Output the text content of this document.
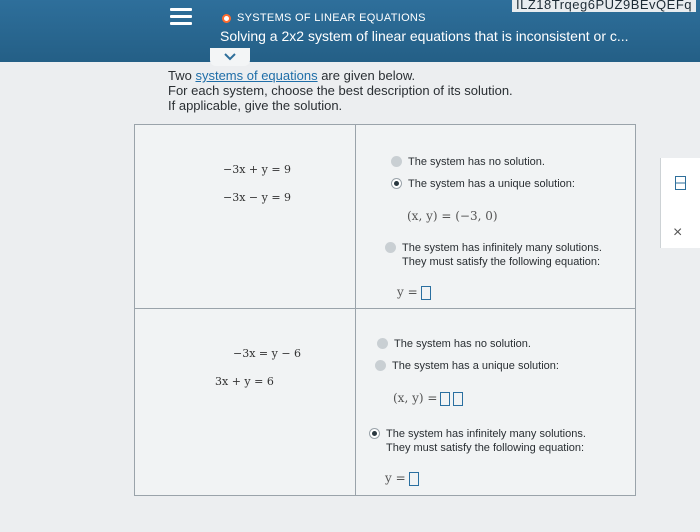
ILZ18Trqeg6PUZ9BEvQEFq
SYSTEMS OF LINEAR EQUATIONS
Solving a 2x2 system of linear equations that is inconsistent or c...
Two systems of equations are given below.
For each system, choose the best description of its solution.
If applicable, give the solution.
−3x + y = 9
−3x − y = 9
The system has no solution.
The system has a unique solution:
(x, y) = (−3, 0)
The system has infinitely many solutions.
They must satisfy the following equation:
y =
−3x = y − 6
3x + y = 6
The system has no solution.
The system has a unique solution:
(x, y) =
The system has infinitely many solutions.
They must satisfy the following equation:
y =
×
